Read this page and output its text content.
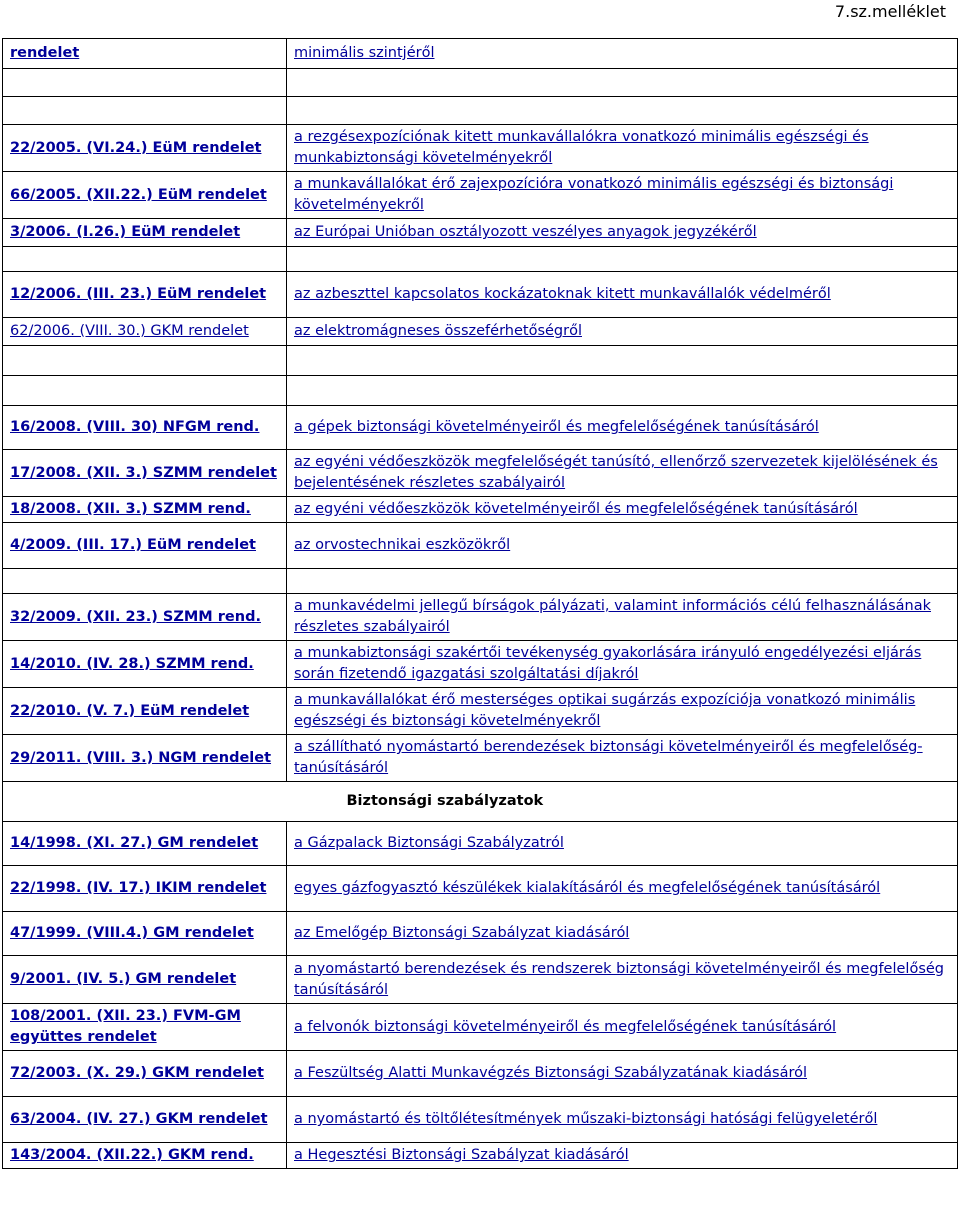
7.sz.melléklet
rendelet	minimális szintjéről

22/2005. (VI.24.) EüM rendelet	a rezgésexpozíciónak kitett munkavállalókra vonatkozó minimális egészségi és munkabiztonsági követelményekről
66/2005. (XII.22.) EüM rendelet	a munkavállalókat érő zajexpozícióra vonatkozó minimális egészségi és biztonsági követelményekről
3/2006. (I.26.) EüM rendelet	az Európai Unióban osztályozott veszélyes anyagok jegyzékéről

12/2006. (III. 23.) EüM rendelet	az azbeszttel kapcsolatos kockázatoknak kitett munkavállalók védelméről
62/2006. (VIII. 30.) GKM rendelet	az elektromágneses összeférhetőségről

16/2008. (VIII. 30) NFGM rend.	a gépek biztonsági követelményeiről és megfelelőségének tanúsításáról
17/2008. (XII. 3.) SZMM rendelet	az egyéni védőeszközök megfelelőségét tanúsító, ellenőrző szervezetek kijelölésének és bejelentésének részletes szabályairól
18/2008. (XII. 3.) SZMM rend.	az egyéni védőeszközök követelményeiről és megfelelőségének tanúsításáról
4/2009. (III. 17.) EüM rendelet	az orvostechnikai eszközökről

32/2009. (XII. 23.) SZMM rend.	a munkavédelmi jellegű bírságok pályázati, valamint információs célú felhasználásának részletes szabályairól
14/2010. (IV. 28.) SZMM rend.	a munkabiztonsági szakértői tevékenység gyakorlására irányuló engedélyezési eljárás során fizetendő igazgatási szolgáltatási díjakról
22/2010. (V. 7.) EüM rendelet	a munkavállalókat érő mesterséges optikai sugárzás expozíciója vonatkozó minimális egészségi és biztonsági követelményekről
29/2011. (VIII. 3.) NGM rendelet	a szállítható nyomástartó berendezések biztonsági követelményeiről és megfelelőség-tanúsításáról
	Biztonsági szabályzatok
14/1998. (XI. 27.) GM rendelet	a Gázpalack Biztonsági Szabályzatról
22/1998. (IV. 17.) IKIM rendelet	egyes gázfogyasztó készülékek kialakításáról és megfelelőségének tanúsításáról
47/1999. (VIII.4.) GM rendelet	az Emelőgép Biztonsági Szabályzat kiadásáról
9/2001. (IV. 5.) GM rendelet	a nyomástartó berendezések és rendszerek biztonsági követelményeiről és megfelelőség tanúsításáról
108/2001. (XII. 23.) FVM-GM együttes rendelet	a felvonók biztonsági követelményeiről és megfelelőségének tanúsításáról
72/2003. (X. 29.) GKM rendelet	a Feszültség Alatti Munkavégzés Biztonsági Szabályzatának kiadásáról
63/2004. (IV. 27.) GKM rendelet	a nyomástartó és töltőlétesítmények műszaki-biztonsági hatósági felügyeletéről
143/2004. (XII.22.) GKM rend.	a Hegesztési Biztonsági Szabályzat kiadásáról
